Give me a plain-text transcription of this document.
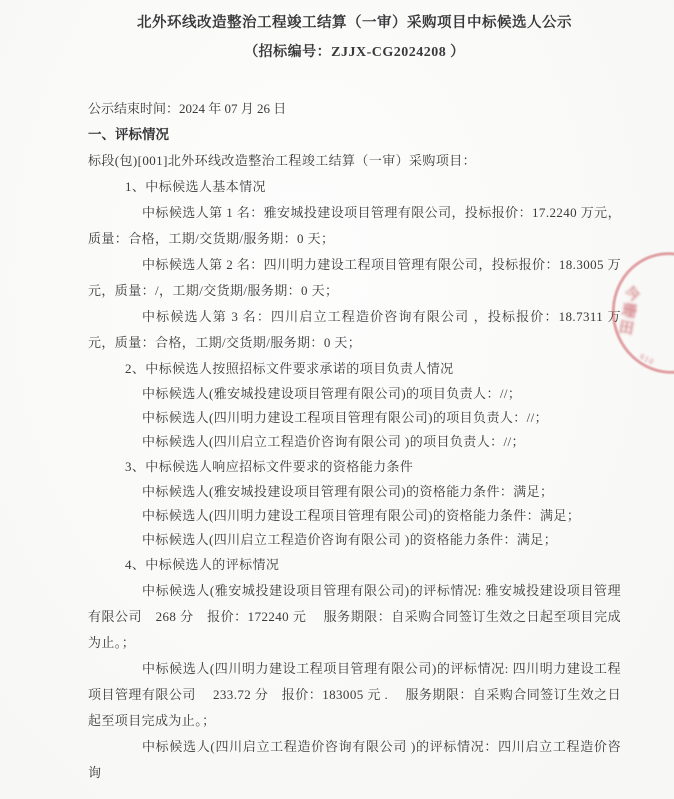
北外环线改造整治工程竣工结算（一审）采购项目中标候选人公示
（招标编号：ZJJX-CG2024208 ）
公示结束时间：2024 年 07 月 26 日
一、评标情况

标段(包)[001]北外环线改造整治工程竣工结算（一审）采购项目：

1、中标候选人基本情况

中标候选人第 1 名：雅安城投建设项目管理有限公司，投标报价：17.2240 万元，质量：合格，工期/交货期/服务期：0 天；

中标候选人第 2 名：四川明力建设工程项目管理有限公司，投标报价：18.3005 万元，质量：/，工期/交货期/服务期：0 天；

中标候选人第 3 名：四川启立工程造价咨询有限公司 ，投标报价：18.7311 万元，质量：合格，工期/交货期/服务期：0 天；

2、中标候选人按照招标文件要求承诺的项目负责人情况

中标候选人(雅安城投建设项目管理有限公司)的项目负责人：//；

中标候选人(四川明力建设工程项目管理有限公司)的项目负责人：//；

中标候选人(四川启立工程造价咨询有限公司 )的项目负责人：//；

3、中标候选人响应招标文件要求的资格能力条件

中标候选人(雅安城投建设项目管理有限公司)的资格能力条件：满足；

中标候选人(四川明力建设工程项目管理有限公司)的资格能力条件：满足；

中标候选人(四川启立工程造价咨询有限公司 )的资格能力条件：满足；

4、中标候选人的评标情况

中标候选人(雅安城投建设项目管理有限公司)的评标情况: 雅安城投建设项目管理有限公司　268 分　报价：172240 元　 服务期限：自采购合同签订生效之日起至项目完成为止。；

中标候选人(四川明力建设工程项目管理有限公司)的评标情况: 四川明力建设工程项目管理有限公司　 233.72 分　报价：183005 元 .　 服务期限：自采购合同签订生效之日起至项目完成为止。；

中标候选人(四川启立工程造价咨询有限公司 )的评标情况：四川启立工程造价咨询

今珊田
610
